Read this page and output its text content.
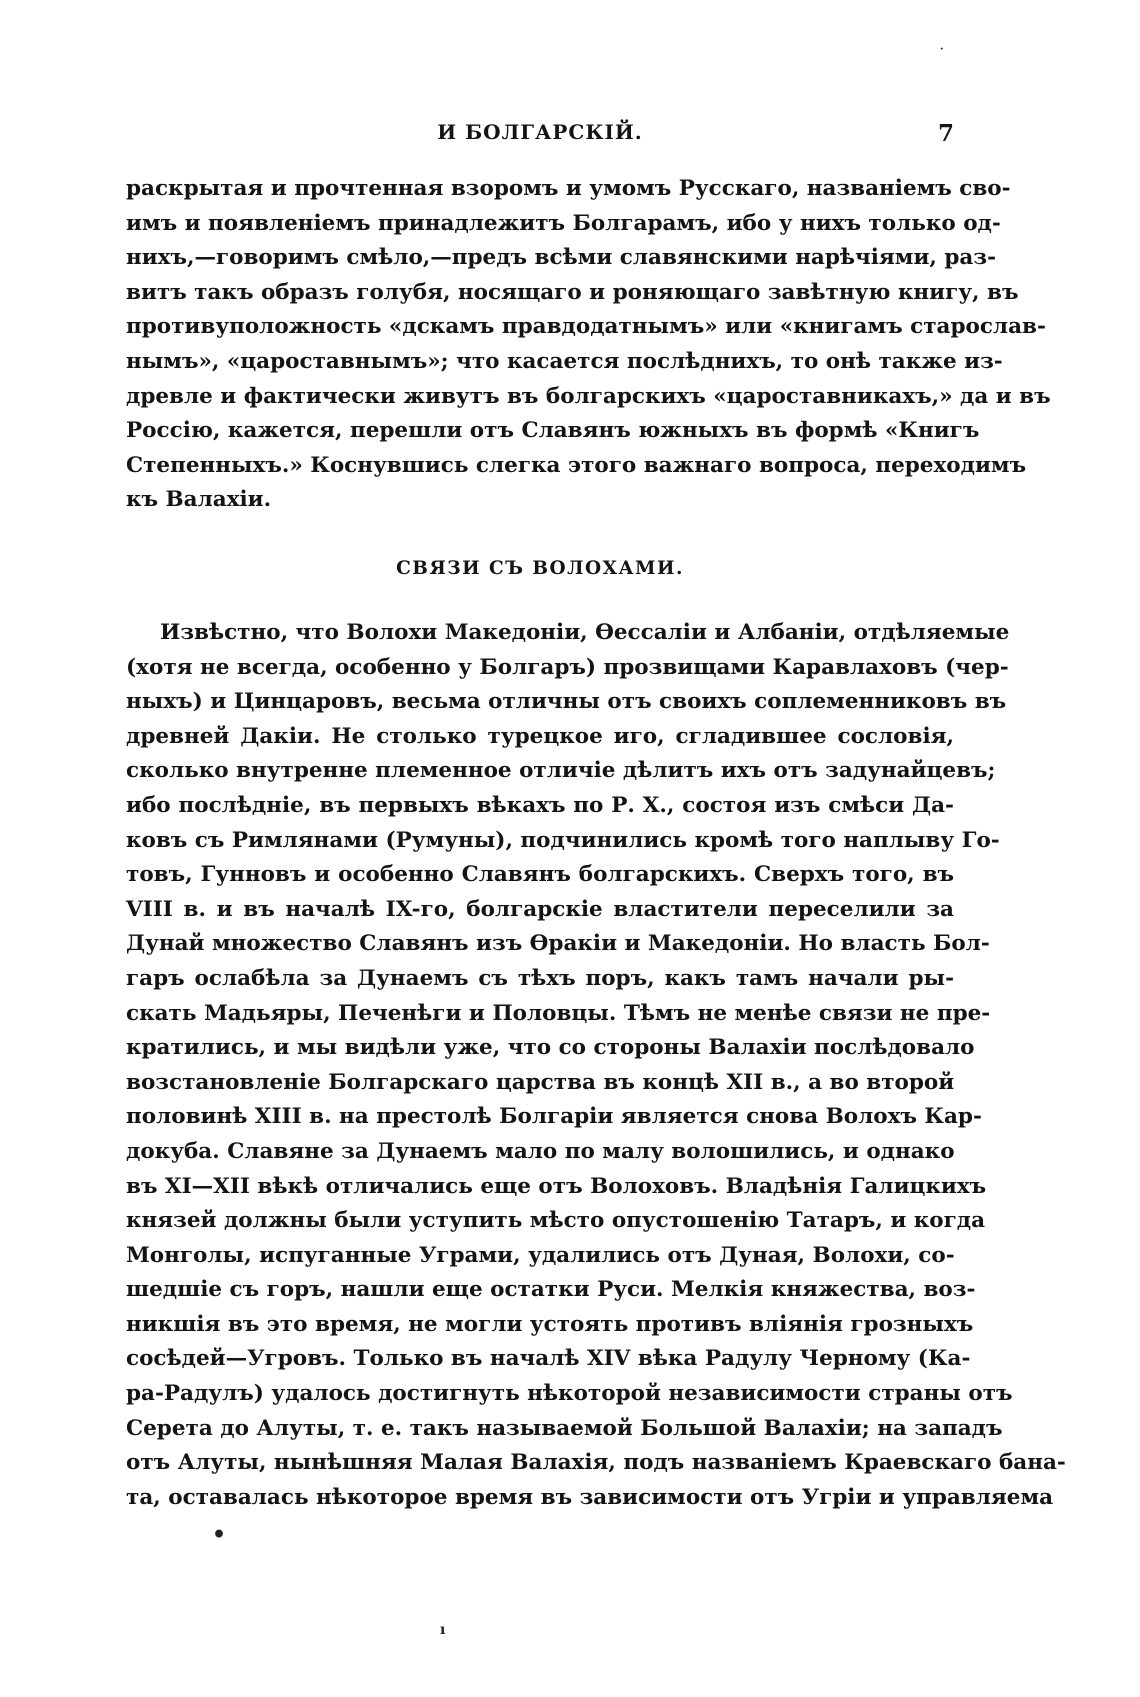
И БОЛГАРСКІЙ.	7
раскрытая и прочтенная взоромъ и умомъ Русскаго, названіемъ сво-
имъ и появленіемъ принадлежитъ Болгарамъ, ибо у нихъ только од-
нихъ,—говоримъ смѣло,—предъ всѣми славянскими нарѣчіями, раз-
витъ такъ образъ голубя, носящаго и роняющаго завѣтную книгу, въ
противуположность «дскамъ правдодатнымъ» или «книгамъ старослав-
нымъ», «цароставнымъ»; что касается послѣднихъ, то онѣ также из-
древле и фактически живутъ въ болгарскихъ «цароставникахъ,» да и въ
Россію, кажется, перешли отъ Славянъ южныхъ въ формѣ «Книгъ
Степенныхъ.» Коснувшись слегка этого важнаго вопроса, переходимъ
къ Валахіи.
СВЯЗИ СЪ ВОЛОХАМИ.
Извѣстно, что Волохи Македоніи, Өессаліи и Албаніи, отдѣляемые
(хотя не всегда, особенно у Болгаръ) прозвищами Каравлаховъ (чер-
ныхъ) и Цинцаровъ, весьма отличны отъ своихъ соплеменниковъ въ
древней Дакіи. Не столько турецкое иго, сгладившее сословія,
сколько внутренне племенное отличіе дѣлитъ ихъ отъ задунайцевъ;
ибо послѣдніе, въ первыхъ вѣкахъ по Р. Х., состоя изъ смѣси Да-
ковъ съ Римлянами (Румуны), подчинились кромѣ того наплыву Го-
товъ, Гунновъ и особенно Славянъ болгарскихъ. Сверхъ того, въ
VIII в. и въ началѣ IX-го, болгарскіе властители переселили за
Дунай множество Славянъ изъ Өракіи и Македоніи. Но власть Бол-
гаръ ослабѣла за Дунаемъ съ тѣхъ поръ, какъ тамъ начали ры-
скать Мадьяры, Печенѣги и Половцы. Тѣмъ не менѣе связи не пре-
кратились, и мы видѣли уже, что со стороны Валахіи послѣдовало
возстановленіе Болгарскаго царства въ концѣ XII в., а во второй
половинѣ XIII в. на престолѣ Болгаріи является снова Волохъ Кар-
докуба. Славяне за Дунаемъ мало по малу волошились, и однако
въ XI—XII вѣкѣ отличались еще отъ Волоховъ. Владѣнія Галицкихъ
князей должны были уступить мѣсто опустошенію Татаръ, и когда
Монголы, испуганные Уграми, удалились отъ Дуная, Волохи, со-
шедшіе съ горъ, нашли еще остатки Руси. Мелкія княжества, воз-
никшія въ это время, не могли устоять противъ вліянія грозныхъ
сосѣдей—Угровъ. Только въ началѣ XIV вѣка Радулу Черному (Ка-
ра-Радулъ) удалось достигнуть нѣкоторой независимости страны отъ
Серета до Алуты, т. е. такъ называемой Большой Валахіи; на западъ
отъ Алуты, нынѣшняя Малая Валахія, подъ названіемъ Краевскаго бана-
та, оставалась нѣкоторое время въ зависимости отъ Угріи и управляема
·
•
ı
